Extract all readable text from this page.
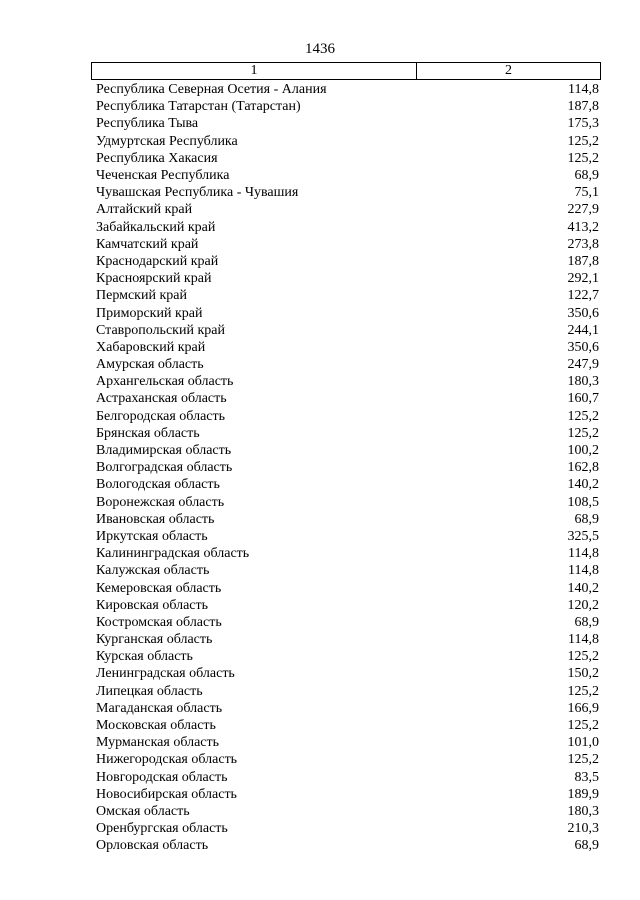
1436
1	2
Республика Северная Осетия - Алания	114,8
Республика Татарстан (Татарстан)	187,8
Республика Тыва	175,3
Удмуртская Республика	125,2
Республика Хакасия	125,2
Чеченская Республика	68,9
Чувашская Республика - Чувашия	75,1
Алтайский край	227,9
Забайкальский край	413,2
Камчатский край	273,8
Краснодарский край	187,8
Красноярский край	292,1
Пермский край	122,7
Приморский край	350,6
Ставропольский край	244,1
Хабаровский край	350,6
Амурская область	247,9
Архангельская область	180,3
Астраханская область	160,7
Белгородская область	125,2
Брянская область	125,2
Владимирская область	100,2
Волгоградская область	162,8
Вологодская область	140,2
Воронежская область	108,5
Ивановская область	68,9
Иркутская область	325,5
Калининградская область	114,8
Калужская область	114,8
Кемеровская область	140,2
Кировская область	120,2
Костромская область	68,9
Курганская область	114,8
Курская область	125,2
Ленинградская область	150,2
Липецкая область	125,2
Магаданская область	166,9
Московская область	125,2
Мурманская область	101,0
Нижегородская область	125,2
Новгородская область	83,5
Новосибирская область	189,9
Омская область	180,3
Оренбургская область	210,3
Орловская область	68,9
